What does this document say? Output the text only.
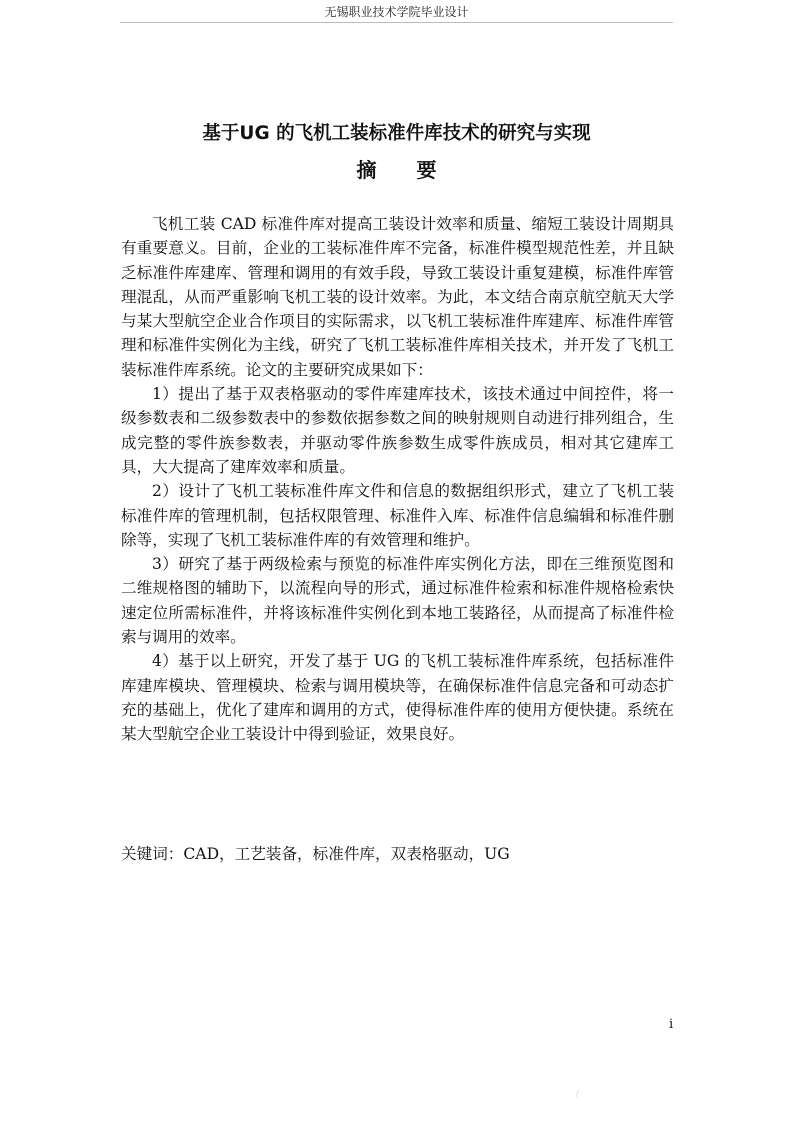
无锡职业技术学院毕业设计
基于UG 的飞机工装标准件库技术的研究与实现
摘要

飞机工装 CAD 标准件库对提高工装设计效率和质量、缩短工装设计周期具有重要意义。目前，企业的工装标准件库不完备，标准件模型规范性差，并且缺乏标准件库建库、管理和调用的有效手段，导致工装设计重复建模，标准件库管理混乱，从而严重影响飞机工装的设计效率。为此，本文结合南京航空航天大学与某大型航空企业合作项目的实际需求，以飞机工装标准件库建库、标准件库管理和标准件实例化为主线，研究了飞机工装标准件库相关技术，并开发了飞机工装标准件库系统。论文的主要研究成果如下：

1）提出了基于双表格驱动的零件库建库技术，该技术通过中间控件，将一级参数表和二级参数表中的参数依据参数之间的映射规则自动进行排列组合，生成完整的零件族参数表，并驱动零件族参数生成零件族成员，相对其它建库工具，大大提高了建库效率和质量。

2）设计了飞机工装标准件库文件和信息的数据组织形式，建立了飞机工装标准件库的管理机制，包括权限管理、标准件入库、标准件信息编辑和标准件删除等，实现了飞机工装标准件库的有效管理和维护。

3）研究了基于两级检索与预览的标准件库实例化方法，即在三维预览图和二维规格图的辅助下，以流程向导的形式，通过标准件检索和标准件规格检索快速定位所需标准件，并将该标准件实例化到本地工装路径，从而提高了标准件检索与调用的效率。

4）基于以上研究，开发了基于 UG 的飞机工装标准件库系统，包括标准件库建库模块、管理模块、检索与调用模块等，在确保标准件信息完备和可动态扩充的基础上，优化了建库和调用的方式，使得标准件库的使用方便快捷。系统在某大型航空企业工装设计中得到验证，效果良好。

关键词：CAD，工艺装备，标准件库，双表格驱动，UG
i
/
